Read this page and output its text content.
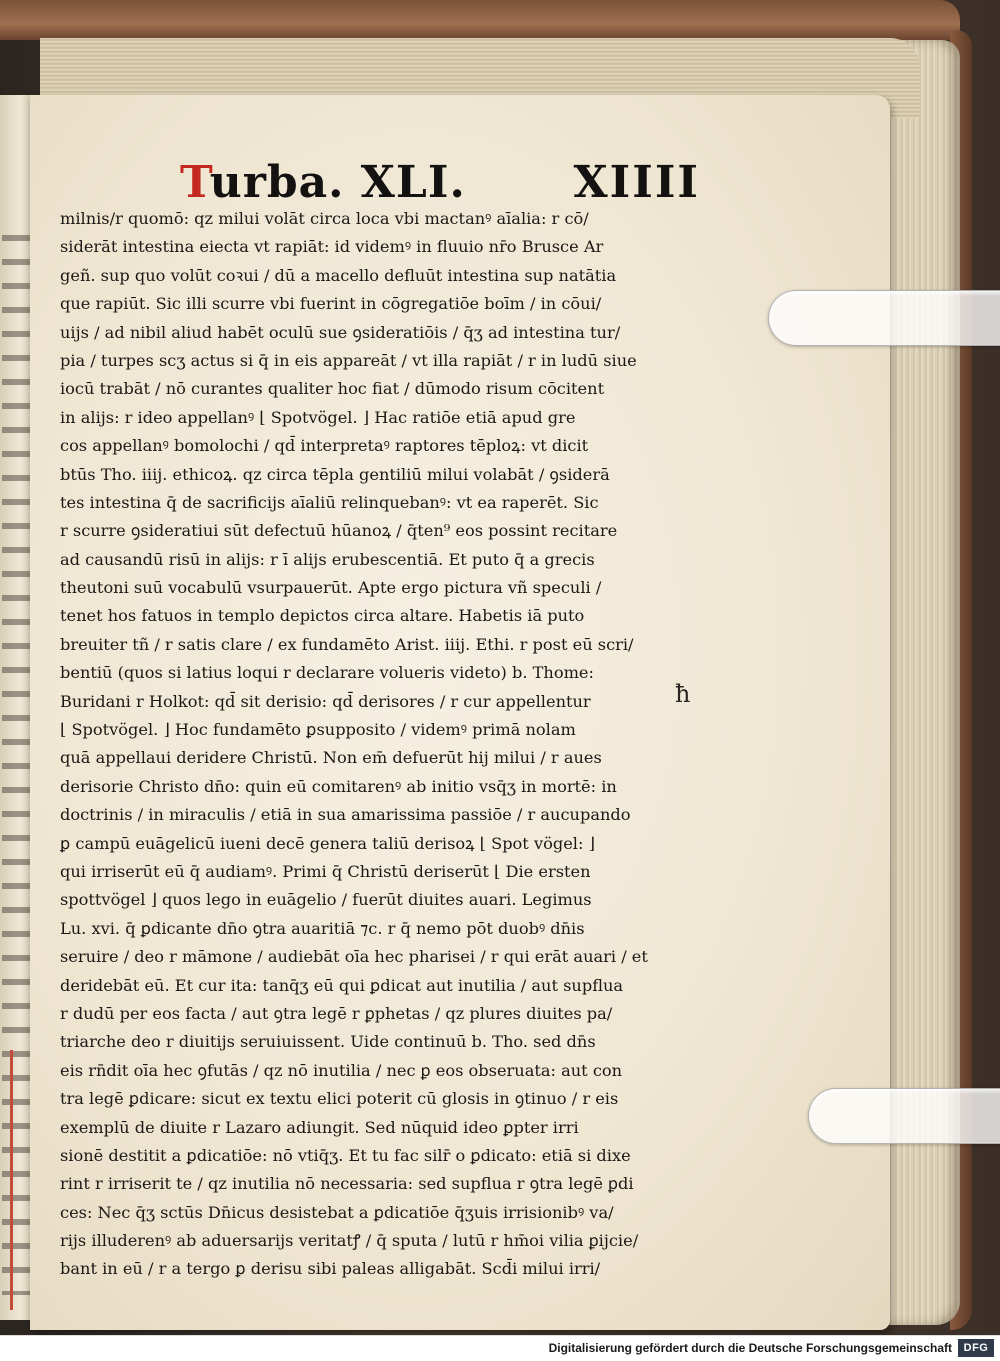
Turba. XLI.	XIIII
milnis/r quomō: qz milui volāt circa loca vbi mactanꝰ aīalia: r cō/
siderāt intestina eiecta vt rapiāt: id videmꝰ in fluuio nr̄o Brusce Ar
geñ. sup quo volūt coꝛui / dū a macello defluūt intestina sup natātia
que rapiūt. Sic illi scurre vbi fuerint in cōgregatiōe boīm / in cōui/
uijs / ad nibil aliud habēt oculū sue ꝯsideratiōis / q̄ʒ ad intestina tur/
pia / turpes scʒ actus si q̄ in eis appareāt / vt illa rapiāt / r in ludū siue
iocū trabāt / nō curantes qualiter hoc fiat / dūmodo risum cōcitent
in alijs: r ideo appellanꝰ ⌊ Spotvögel. ⌋ Hac ratiōe etiā apud gre
cos appellanꝰ bomolochi / qd̄ interpretaꝰ raptores tēploꝝ: vt dicit
btūs Tho. iiij. ethicoꝝ. qz circa tēpla gentiliū milui volabāt / ꝯsiderā
tes intestina q̄ de sacrificijs aīaliū relinquebanꝰ: vt ea raperēt. Sic
r scurre ꝯsideratiui sūt defectuū hūanoꝝ / q̄ten⁹ eos possint recitare
ad causandū risū in alijs: r ī alijs erubescentiā. Et puto q̄ a grecis
theutoni suū vocabulū vsurpauerūt. Apte ergo pictura vñ speculi /
tenet hos fatuos in templo depictos circa altare. Habetis iā puto
breuiter tñ / r satis clare / ex fundamēto Arist. iiij. Ethi. r post eū scri/
bentiū (quos si latius loqui r declarare volueris videto) b. Thome:
Buridani r Holkot: qd̄ sit derisio: qd̄ derisores / r cur appellentur
⌊ Spotvögel. ⌋ Hoc fundamēto ꝑsupposito / videmꝰ primā nolam
quā appellaui deridere Christū. Non em̄ defuerūt hij milui / r aues
derisorie Christo dn̄o: quin eū comitarenꝰ ab initio vsq̄ʒ in mortē: in
doctrinis / in miraculis / etiā in sua amarissima passiōe / r aucupando
ꝑ campū euāgelicū iueni decē genera taliū derisoꝝ ⌊ Spot vögel: ⌋
qui irriserūt eū q̄ audiamꝰ. Primi q̄ Christū deriserūt ⌊ Die ersten
spottvögel ⌋ quos lego in euāgelio / fuerūt diuites auari. Legimus
Lu. xvi. q̄ ꝑdicante dn̄o ꝯtra auaritiā ⁊c. r q̄ nemo pōt duobꝰ dn̄is
seruire / deo r māmone / audiebāt oīa hec pharisei / r qui erāt auari / et
deridebāt eū. Et cur ita: tanq̄ʒ eū qui ꝑdicat aut inutilia / aut supflua
r dudū per eos facta / aut ꝯtra legē r ꝑphetas / qz plures diuites pa/
triarche deo r diuitijs seruiuissent. Uide continuū b. Tho. sed dn̄s
eis rn̄dit oīa hec ꝯfutās / qz nō inutilia / nec ꝑ eos obseruata: aut con
tra legē ꝑdicare: sicut ex textu elici poterit cū glosis in ꝯtinuo / r eis
exemplū de diuite r Lazaro adiungit. Sed nūquid ideo ꝑpter irri
sionē destitit a ꝑdicatiōe: nō vtiq̄ʒ. Et tu fac silr̄ o ꝑdicato: etiā si dixe
rint r irriserit te / qz inutilia nō necessaria: sed supflua r ꝯtra legē ꝑdi
ces: Nec q̄ʒ sctūs Dn̄icus desistebat a ꝑdicatiōe q̄ʒuis irrisionibꝰ va/
rijs illuderenꝰ ab aduersarijs veritatꝭ / q̄ sputa / lutū r hm̄oi vilia ꝑijcie/
bant in eū / r a tergo ꝑ derisu sibi paleas alligabāt. Scd̄i milui irri/
ħ
Digitalisierung gefördert durch die Deutsche Forschungsgemeinschaft	DFG
